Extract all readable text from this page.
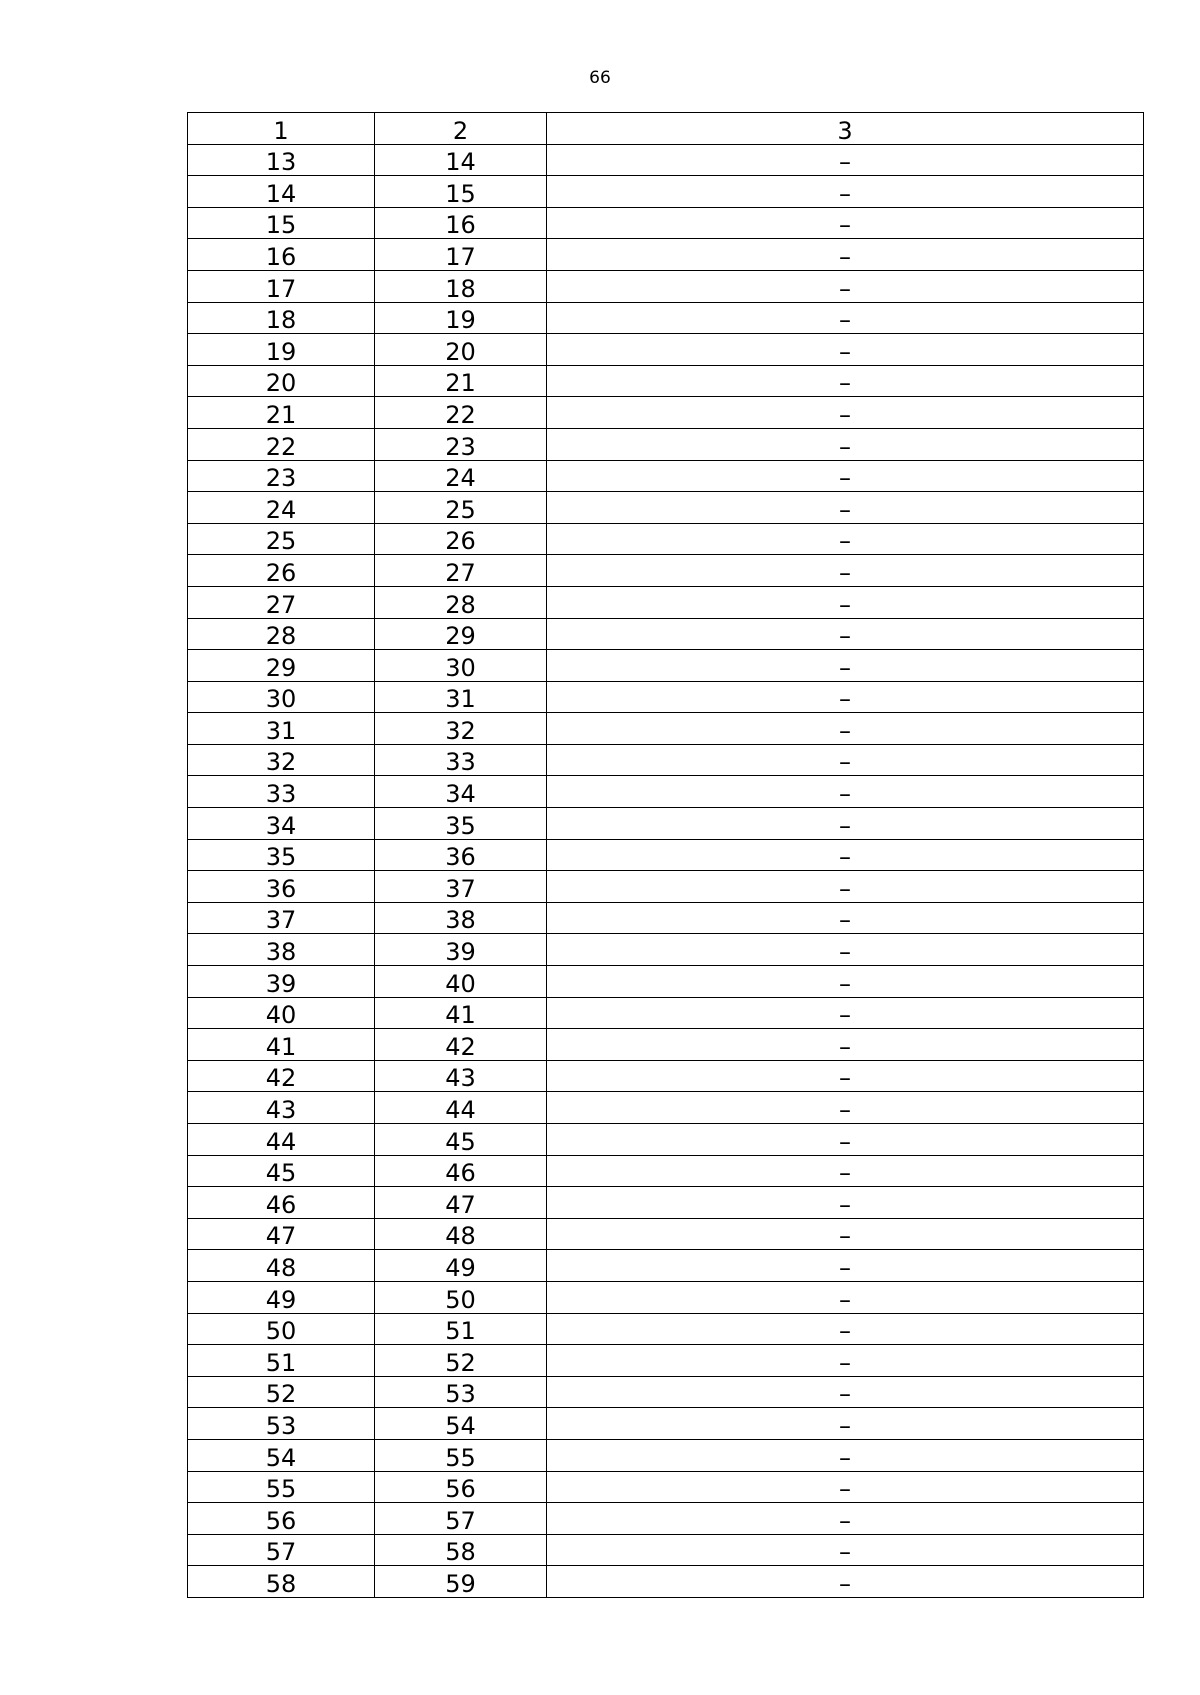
66
1	2	3
13	14	–
14	15	–
15	16	–
16	17	–
17	18	–
18	19	–
19	20	–
20	21	–
21	22	–
22	23	–
23	24	–
24	25	–
25	26	–
26	27	–
27	28	–
28	29	–
29	30	–
30	31	–
31	32	–
32	33	–
33	34	–
34	35	–
35	36	–
36	37	–
37	38	–
38	39	–
39	40	–
40	41	–
41	42	–
42	43	–
43	44	–
44	45	–
45	46	–
46	47	–
47	48	–
48	49	–
49	50	–
50	51	–
51	52	–
52	53	–
53	54	–
54	55	–
55	56	–
56	57	–
57	58	–
58	59	–
